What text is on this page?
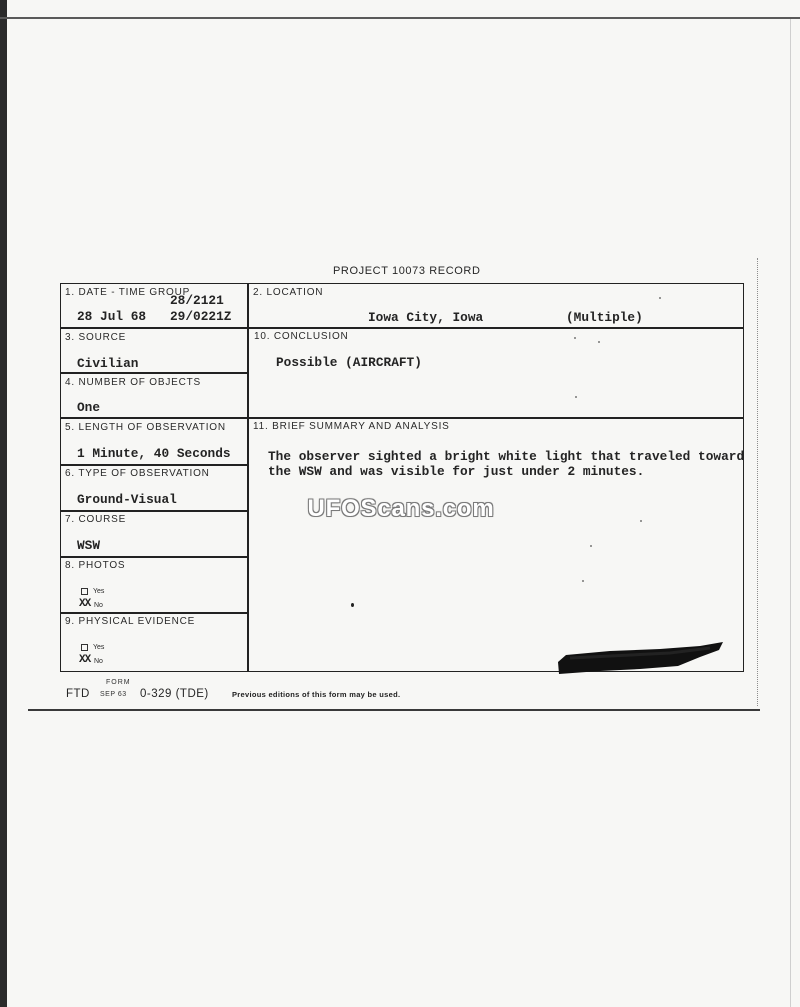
PROJECT 10073 RECORD
1. DATE - TIME GROUP
28/2121
28 Jul 68 29/0221Z
2. LOCATION
Iowa City, Iowa	(Multiple)
3. SOURCE
Civilian
4. NUMBER OF OBJECTS
One
5. LENGTH OF OBSERVATION
1 Minute, 40 Seconds
6. TYPE OF OBSERVATION
Ground-Visual
7. COURSE
WSW
8. PHOTOS
Yes
XX No
9. PHYSICAL EVIDENCE
Yes
XX No
10. CONCLUSION
Possible (AIRCRAFT)
11. BRIEF SUMMARY AND ANALYSIS
The observer sighted a bright white light that traveled toward the WSW and was visible for just under 2 minutes.
UFOScans.com
FORM
FTD SEP 63 0-329 (TDE)	Previous editions of this form may be used.
